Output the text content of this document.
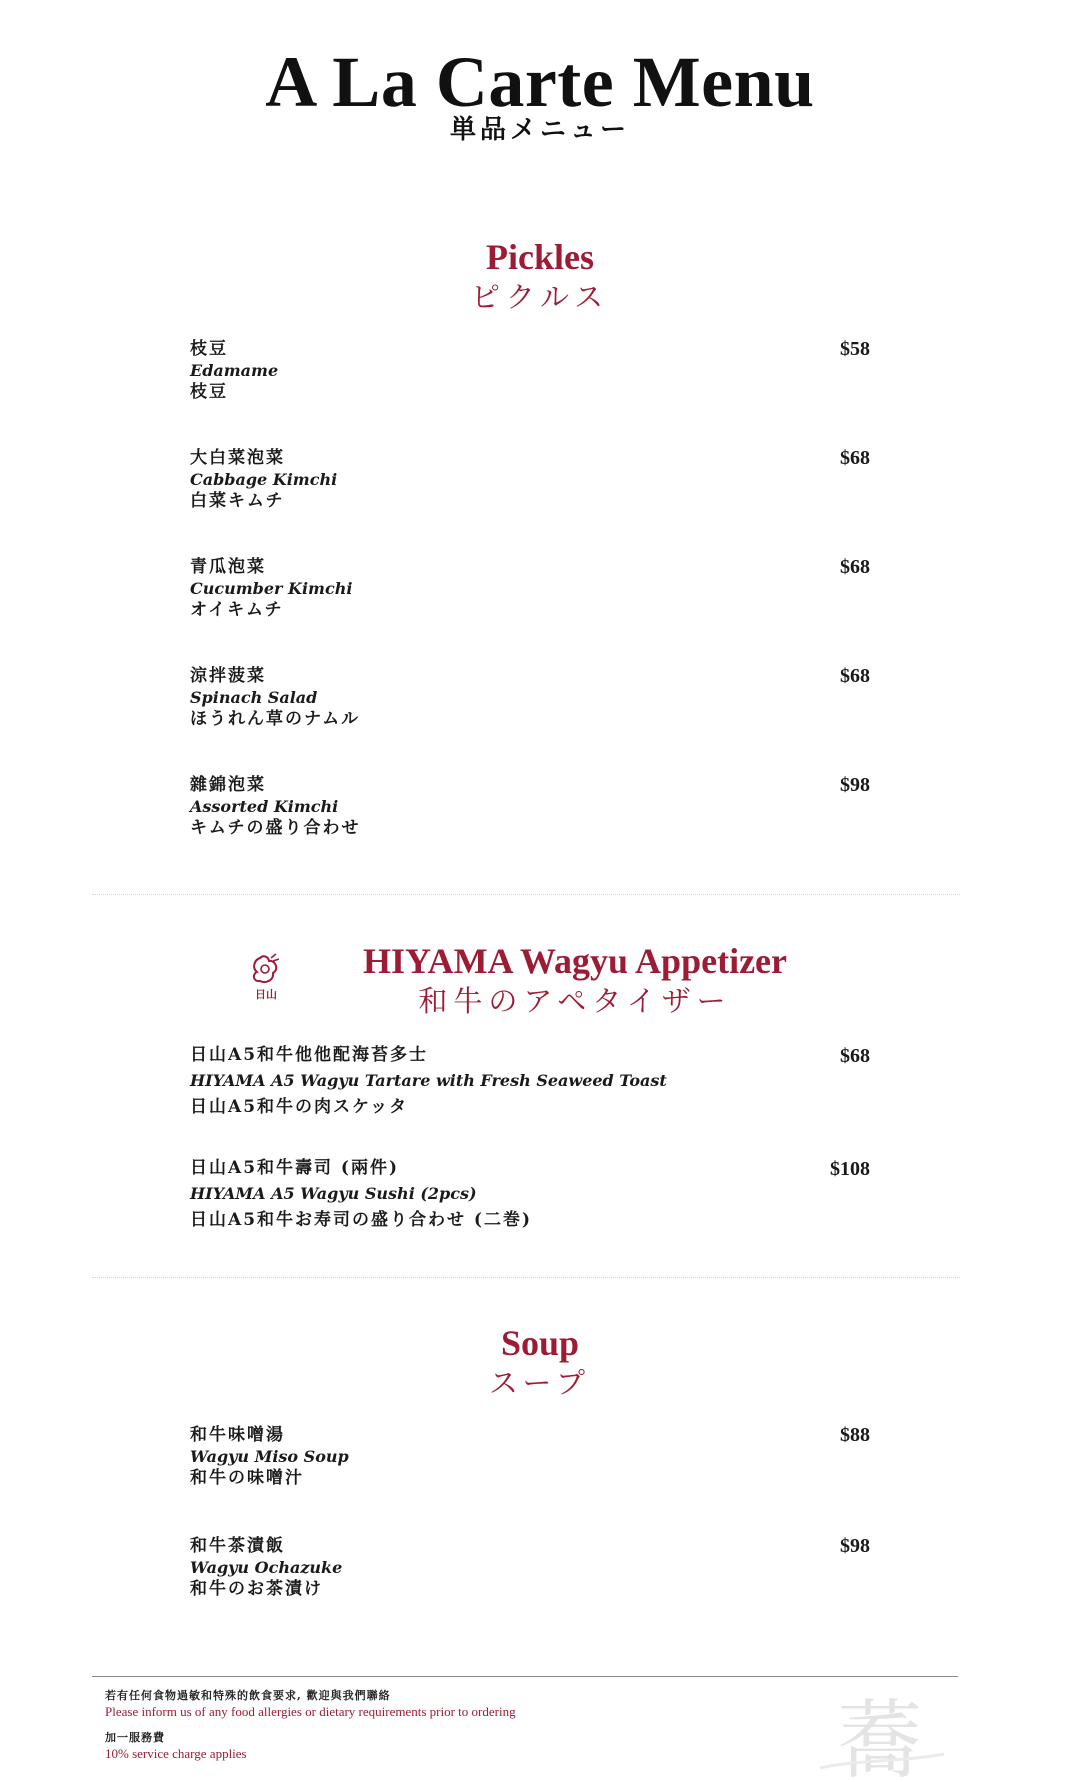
A La Carte Menu
単品メニュー
Pickles
ピクルス
枝豆
Edamame
枝豆
$58
大白菜泡菜
Cabbage Kimchi
白菜キムチ
$68
青瓜泡菜
Cucumber Kimchi
オイキムチ
$68
涼拌菠菜
Spinach Salad
ほうれん草のナムル
$68
雜錦泡菜
Assorted Kimchi
キムチの盛り合わせ
$98
日山
HIYAMA Wagyu Appetizer
和牛のアペタイザー
日山A5和牛他他配海苔多士
HIYAMA A5 Wagyu Tartare with Fresh Seaweed Toast
日山A5和牛の肉スケッタ
$68
日山A5和牛壽司 (兩件)
HIYAMA A5 Wagyu Sushi (2pcs)
日山A5和牛お寿司の盛り合わせ (二巻)
$108
Soup
スープ
和牛味噌湯
Wagyu Miso Soup
和牛の味噌汁
$88
和牛茶漬飯
Wagyu Ochazuke
和牛のお茶漬け
$98
若有任何食物過敏和特殊的飲食要求, 歡迎與我們聯絡
Please inform us of any food allergies or dietary requirements prior to ordering
加一服務費
10% service charge applies	蕎
